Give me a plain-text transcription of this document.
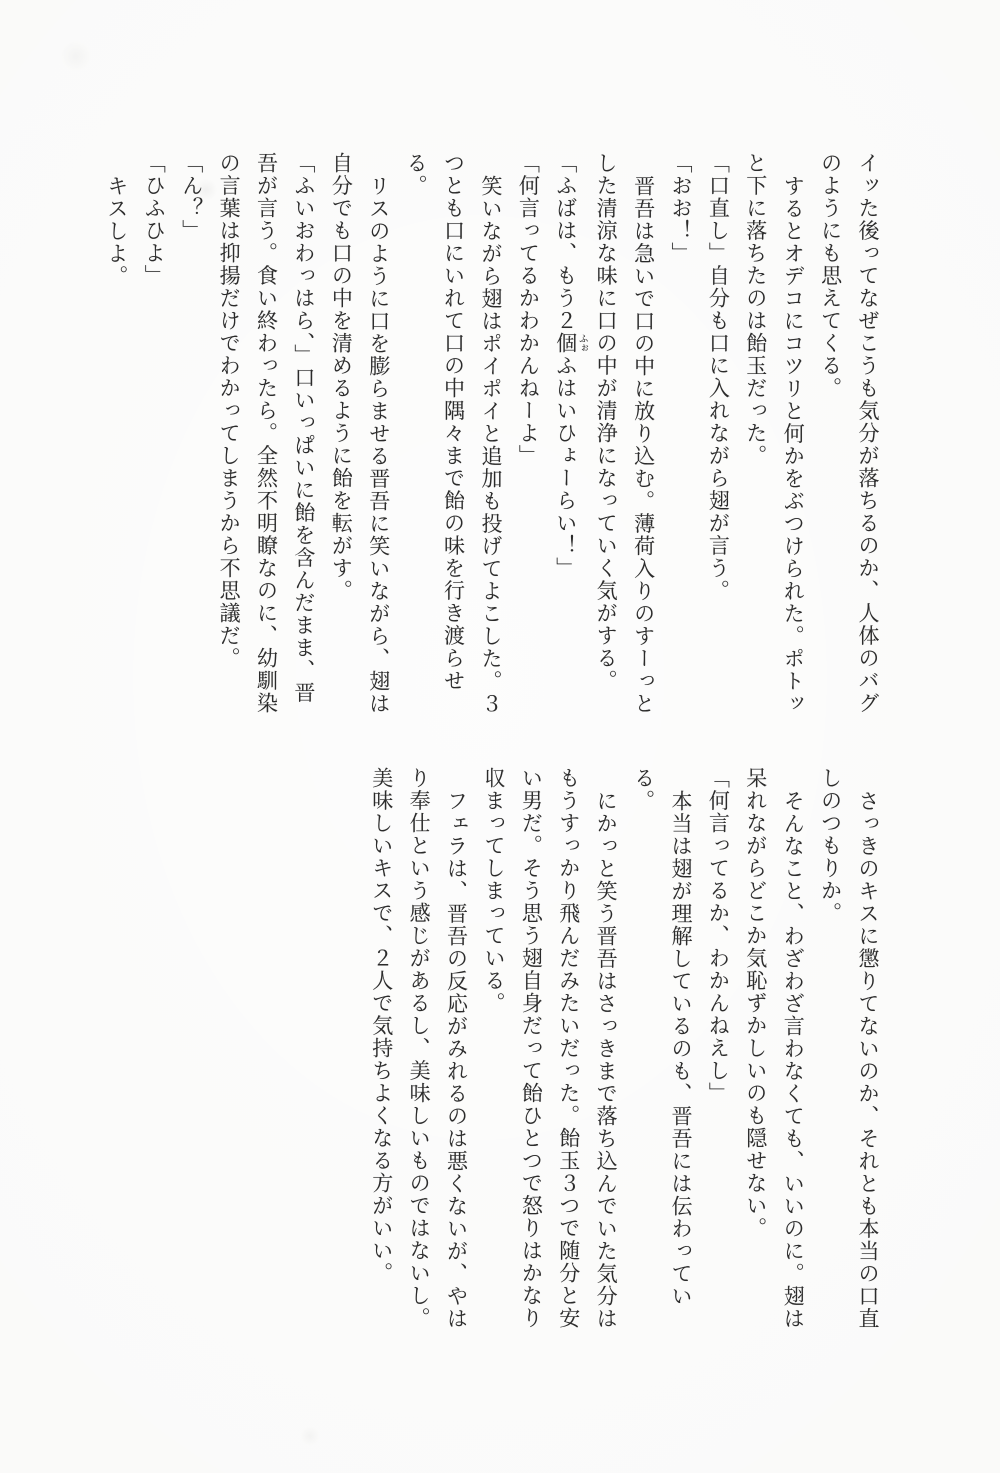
イッた後ってなぜこうも気分が落ちるのか、人体のバグのようにも思えてくる。

するとオデコにコツリと何かをぶつけられた。ポトッと下に落ちたのは飴玉だった。

「口直し」自分も口に入れながら翅が言う。

「おお！」

晋吾は急いで口の中に放り込む。薄荷入りのすーっとした清涼な味に口の中が清浄になっていく気がする。

「ふばは、もう２個 ふぉふはいひょーらい！」

「何言ってるかわかんねーよ」

笑いながら翅はポイポイと追加も投げてよこした。３つとも口にいれて口の中隅々まで飴の味を行き渡らせる。

リスのように口を膨らませる晋吾に笑いながら、翅は自分でも口の中を清めるように飴を転がす。

「ふいおわっはら、」口いっぱいに飴を含んだまま、晋吾が言う。食い終わったら。全然不明瞭なのに、幼馴染の言葉は抑揚だけでわかってしまうから不思議だ。

「ん？」

「ひふひよ」

キスしよ。

さっきのキスに懲りてないのか、それとも本当の口直しのつもりか。

そんなこと、わざわざ言わなくても、いいのに。翅は呆れながらどこか気恥ずかしいのも隠せない。

「何言ってるか、わかんねえし」

本当は翅が理解しているのも、晋吾には伝わっている。

にかっと笑う晋吾はさっきまで落ち込んでいた気分はもうすっかり飛んだみたいだった。飴玉３つで随分と安い男だ。そう思う翅自身だって飴ひとつで怒りはかなり収まってしまっている。

フェラは、晋吾の反応がみれるのは悪くないが、やはり奉仕という感じがあるし、美味しいものではないし。美味しいキスで、２人で気持ちよくなる方がいい。
